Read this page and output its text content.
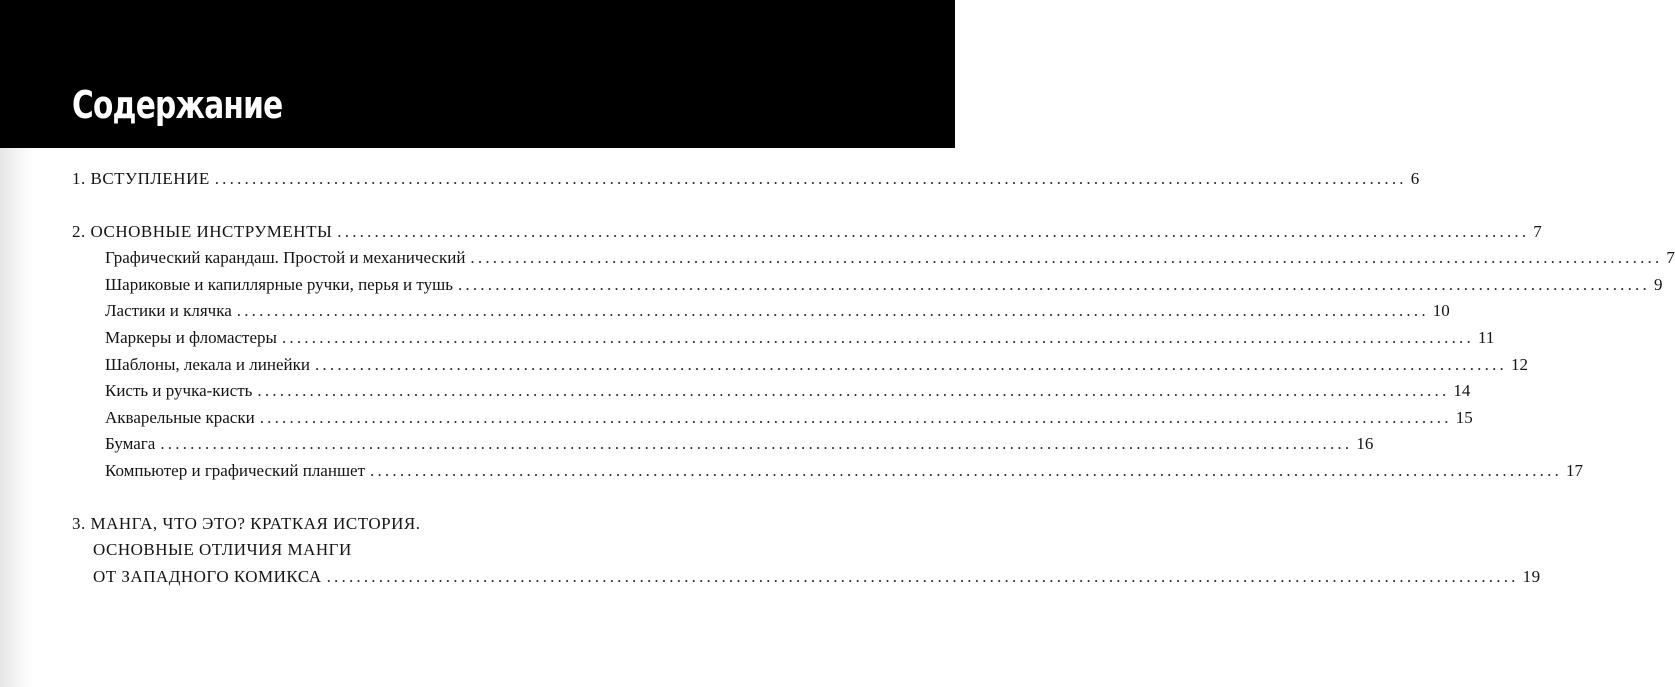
Содержание
1. ВСТУПЛЕНИЕ ................................................................................................................................................................ 6
2. ОСНОВНЫЕ ИНСТРУМЕНТЫ ................................................................................................................................................................ 7
Графический карандаш. Простой и механический ................................................................................................................................................................ 7
Шариковые и капиллярные ручки, перья и тушь ................................................................................................................................................................ 9
Ластики и клячка ................................................................................................................................................................ 10
Маркеры и фломастеры ................................................................................................................................................................ 11
Шаблоны, лекала и линейки ................................................................................................................................................................ 12
Кисть и ручка-кисть ................................................................................................................................................................ 14
Акварельные краски ................................................................................................................................................................ 15
Бумага ................................................................................................................................................................ 16
Компьютер и графический планшет ................................................................................................................................................................ 17
3. МАНГА, ЧТО ЭТО? КРАТКАЯ ИСТОРИЯ.
ОСНОВНЫЕ ОТЛИЧИЯ МАНГИ
ОТ ЗАПАДНОГО КОМИКСА ................................................................................................................................................................ 19
